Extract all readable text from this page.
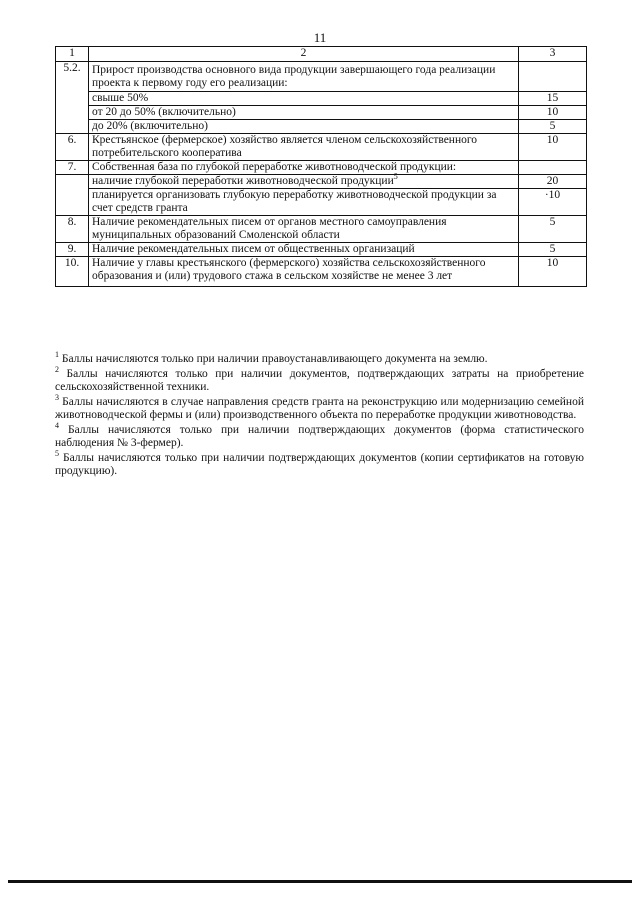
11
1	2	3
5.2.	Прирост производства основного вида продукции завершающего года реализации проекта к первому году его реализации:	
	свыше 50%	15
	от 20 до 50% (включительно)	10
	до 20% (включительно)	5
6.	Крестьянское (фермерское) хозяйство является членом сельскохозяйственного потребительского кооператива	10
7.	Собственная база по глубокой переработке животноводческой продукции:	
	наличие глубокой переработки животноводческой продукции$^5$	20
	планируется организовать глубокую переработку животноводческой продукции за счет средств гранта	·10
8.	Наличие рекомендательных писем от органов местного самоуправления муниципальных образований Смоленской области	5
9.	Наличие рекомендательных писем от общественных организаций	5
10.	Наличие у главы крестьянского (фермерского) хозяйства сельскохозяйственного образования и (или) трудового стажа в сельском хозяйстве не менее 3 лет	10

$^1$ Баллы начисляются только при наличии правоустанавливающего документа на землю.

$^2$ Баллы начисляются только при наличии документов, подтверждающих затраты на приобретение сельскохозяйственной техники.

$^3$ Баллы начисляются в случае направления средств гранта на реконструкцию или модернизацию семейной животноводческой фермы и (или) производственного объекта по переработке продукции животноводства.

$^4$ Баллы начисляются только при наличии подтверждающих документов (форма статистического наблюдения № 3-фермер).

$^5$ Баллы начисляются только при наличии подтверждающих документов (копии сертификатов на готовую продукцию).
